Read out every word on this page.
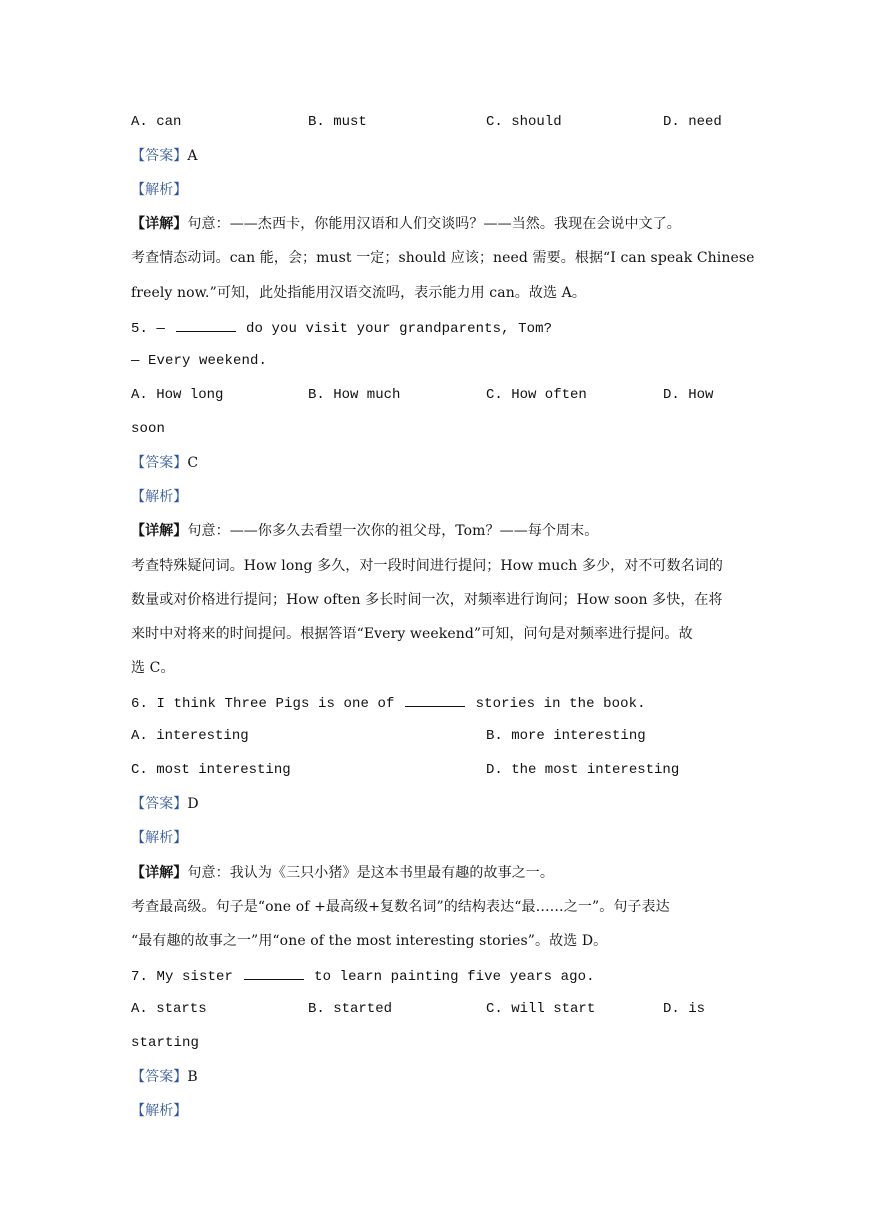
A. can	B. must	C. should	D. need
【答案】A
【解析】
【详解】句意：——杰西卡，你能用汉语和人们交谈吗？——当然。我现在会说中文了。
考查情态动词。can 能，会；must 一定；should 应该；need 需要。根据“I can speak Chinese
freely now.”可知，此处指能用汉语交流吗，表示能力用 can。故选 A。
5. —	do you visit your grandparents, Tom?
— Every weekend.
A. How long	B. How much	C. How often	D. How
soon
【答案】C
【解析】
【详解】句意：——你多久去看望一次你的祖父母，Tom？——每个周末。
考查特殊疑问词。How long 多久，对一段时间进行提问；How much 多少，对不可数名词的
数量或对价格进行提问；How often 多长时间一次，对频率进行询问；How soon 多快，在将
来时中对将来的时间提问。根据答语“Every weekend”可知，问句是对频率进行提问。故
选 C。
6. I think Three Pigs is one of	stories in the book.
A. interesting	B. more interesting
C. most interesting	D. the most interesting
【答案】D
【解析】
【详解】句意：我认为《三只小猪》是这本书里最有趣的故事之一。
考查最高级。句子是“one of +最高级+复数名词”的结构表达“最……之一”。句子表达
“最有趣的故事之一”用“one of the most interesting stories”。故选 D。
7. My sister	to learn painting five years ago.
A. starts	B. started	C. will start	D. is
starting
【答案】B
【解析】
